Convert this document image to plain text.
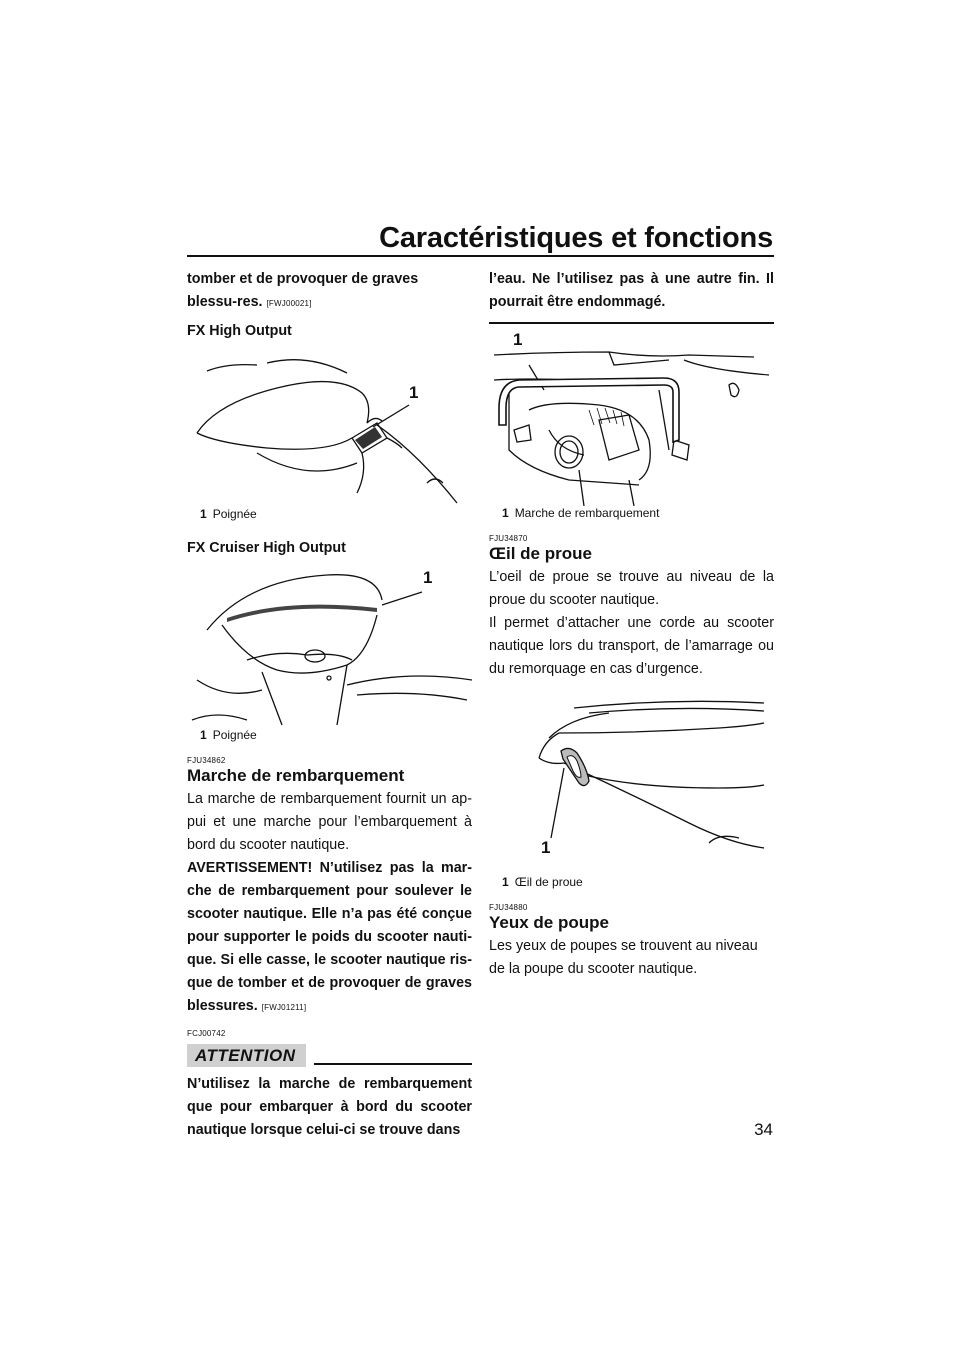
Caractéristiques et fonctions

tomber et de provoquer de graves blessu-res. [FWJ00021]

FX High Output

1
1 Poignée

FX Cruiser High Output

1
1 Poignée
FJU34862
Marche de rembarquement

La marche de rembarquement fournit un ap-pui et une marche pour l’embarquement à bord du scooter nautique.

AVERTISSEMENT! N’utilisez pas la mar-che de rembarquement pour soulever le scooter nautique. Elle n’a pas été conçue pour supporter le poids du scooter nauti-que. Si elle casse, le scooter nautique ris-que de tomber et de provoquer de graves blessures. [FWJ01211]

FCJ00742
ATTENTION

N’utilisez la marche de rembarquement que pour embarquer à bord du scooter nautique lorsque celui-ci se trouve dans

l’eau. Ne l’utilisez pas à une autre fin. Il pourrait être endommagé.

1
1 Marche de rembarquement
FJU34870
Œil de proue

L’oeil de proue se trouve au niveau de la proue du scooter nautique.

Il permet d’attacher une corde au scooter nautique lors du transport, de l’amarrage ou du remorquage en cas d’urgence.

1
1 Œil de proue
FJU34880
Yeux de poupe

Les yeux de poupes se trouvent au niveau de la poupe du scooter nautique.

34
